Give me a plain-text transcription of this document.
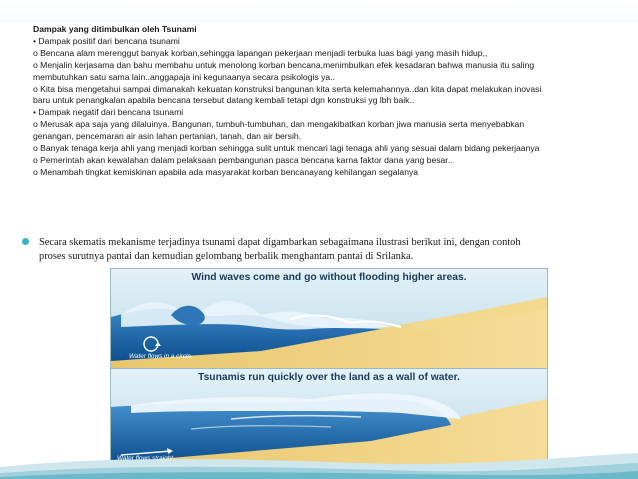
Dampak yang ditimbulkan oleh Tsunami

• Dampak positif dari bencana tsunami

o Bencana alam merenggut banyak korban,sehingga lapangan pekerjaan menjadi terbuka luas bagi yang masih hidup,,

o Menjalin kerjasama dan bahu membahu untuk menolong korban bencana,menimbulkan efek kesadaran bahwa manusia itu saling

membutuhkan satu sama lain..anggapaja ini kegunaanya secara psikologis ya..

o Kita bisa mengetahui sampai dimanakah kekuatan konstruksi bangunan kita serta kelemahannya..dan kita dapat melakukan inovasi

baru untuk penangkalan apabila bencana tersebut datang kembali tetapi dgn konstruksi yg lbh baik..

• Dampak negatif dari bencana tsunami

o Merusak apa saja yang dilaluinya. Bangunan, tumbuh-tumbuhan, dan mengakibatkan korban jiwa manusia serta menyebabkan

genangan, pencemaran air asin lahan pertanian, tanah, dan air bersih.

o Banyak tenaga kerja ahli yang menjadi korban sehingga sulit untuk mencari lagi tenaga ahli yang sesuai dalam bidang pekerjaanya

o Pemerintah akan kewalahan dalam pelaksaan pembangunan pasca bencana karna faktor dana yang besar..

o Menambah tingkat kemiskinan apabila ada masyarakat korban bencanayang kehilangan segalanya

Secara skematis mekanisme terjadinya tsunami dapat digambarkan sebagaimana ilustrasi berikut ini, dengan contoh
proses surutnya pantai dan kemudian gelombang berbalik menghantam pantai di Srilanka.
Wind waves come and go without flooding higher areas.
Water flows in a circle.
Tsunamis run quickly over the land as a wall of water.
Water flows straight
